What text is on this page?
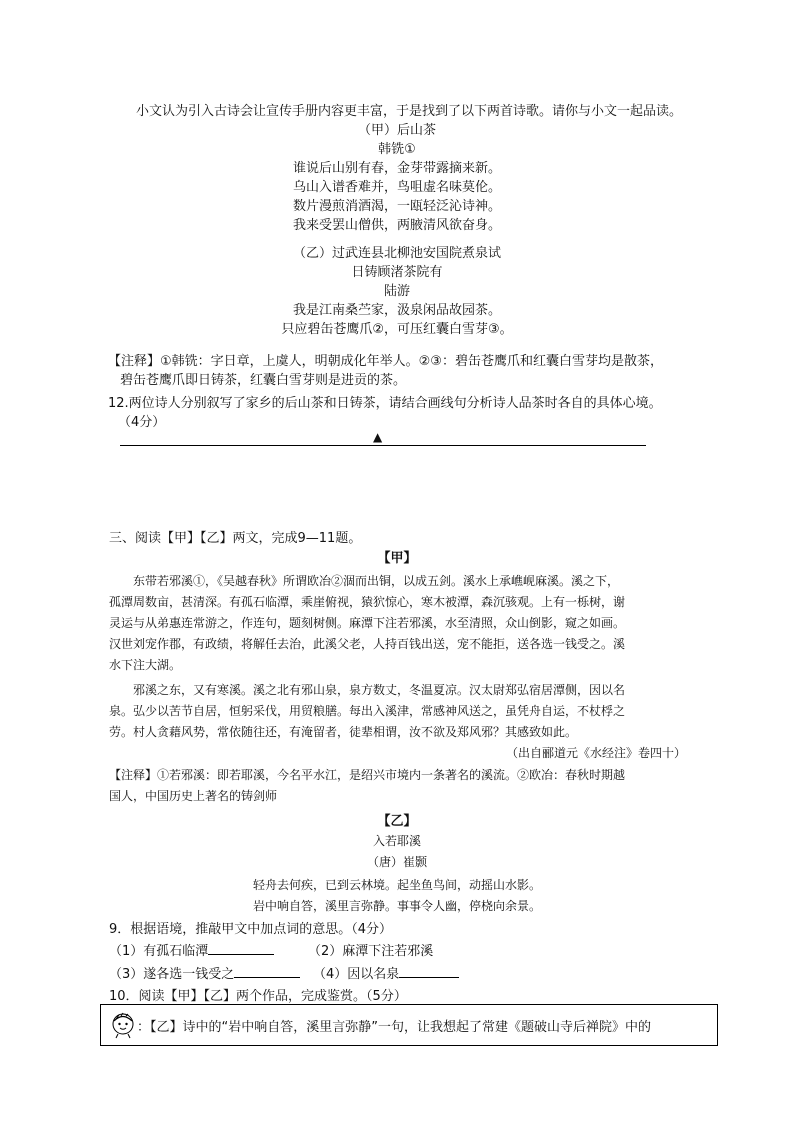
小文认为引入古诗会让宣传手册内容更丰富，于是找到了以下两首诗歌。请你与小文一起品读。
（甲）后山茶
韩铣①
谁说后山别有春，金芽带露摘来新。
乌山入谱香难并，鸟咀虚名味莫伦。
数片漫煎消酒渴，一瓯轻泛沁诗神。
我来受罢山僧供，两腋清风欲奋身。
（乙）过武连县北柳池安国院煮泉试
日铸顾渚茶院有
陆游
我是江南桑苎家，汲泉闲品故园茶。
只应碧缶苍鹰爪②，可压红囊白雪芽③。
【注释】①韩铣：字日章，上虞人，明朝成化年举人。②③：碧缶苍鹰爪和红囊白雪芽均是散茶，
碧缶苍鹰爪即日铸茶，红囊白雪芽则是进贡的茶。
12.两位诗人分别叙写了家乡的后山茶和日铸茶，请结合画线句分析诗人品茶时各自的具体心境。
（4分）
▲
三、阅读【甲】【乙】两文，完成9—11题。
【甲】
东带若邪溪①，《吴越春秋》所谓欧冶②涸而出铜，以成五剑。溪水上承嶕岘麻溪。溪之下，
孤潭周数亩，甚清深。有孤石临潭，乘崖俯视，猿狖惊心，寒木被潭，森沉骇观。上有一栎树，谢
灵运与从弟惠连常游之，作连句，题刻树侧。麻潭下注若邪溪，水至清照，众山倒影，窥之如画。
汉世刘宠作郡，有政绩，将解任去治，此溪父老，人持百钱出送，宠不能拒，送各选一钱受之。溪
水下注大湖。
邪溪之东，又有寒溪。溪之北有邪山泉，泉方数丈，冬温夏凉。汉太尉郑弘宿居潭侧，因以名
泉。弘少以苦节自居，恒躬采伐，用贸粮膳。每出入溪津，常感神风送之，虽凭舟自运，不杖桴之
劳。村人贪藉风势，常依随往还，有淹留者，徒辈相谓，汝不欲及郑风邪？其感致如此。
（出自郦道元《水经注》卷四十）
【注释】①若邪溪：即若耶溪，今名平水江，是绍兴市境内一条著名的溪流。②欧冶：春秋时期越
国人，中国历史上著名的铸剑师
【乙】
入若耶溪
（唐）崔颢
轻舟去何疾，已到云林境。起坐鱼鸟间，动摇山水影。
岩中响自答，溪里言弥静。事事令人幽，停桡向余景。
9．根据语境，推敲甲文中加点词的意思。（4分）
（1）有孤石临潭	（2）麻潭下注若邪溪
（3）遂各选一钱受之	（4）因以名泉
10．阅读【甲】【乙】两个作品，完成鉴赏。（5分）
：【乙】诗中的“岩中响自答，溪里言弥静”一句，让我想起了常建《题破山寺后禅院》中的
